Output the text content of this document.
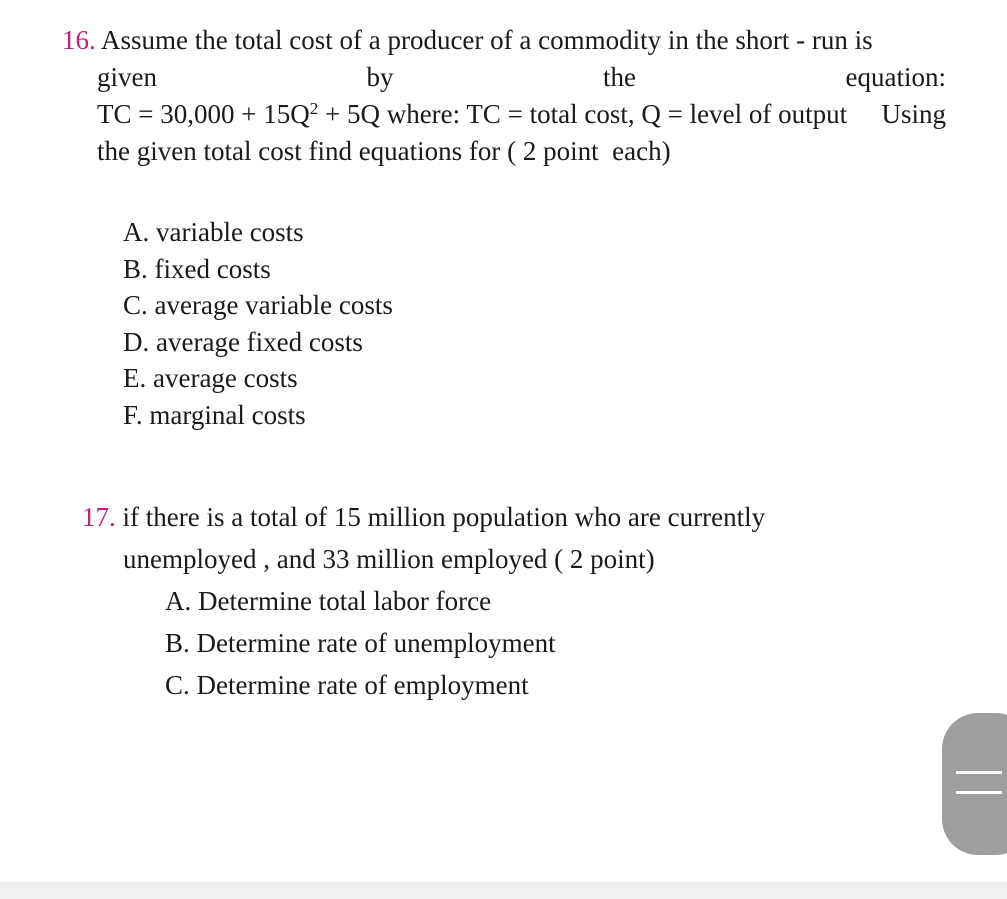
16. Assume the total cost of a producer of a commodity in the short - run is
given	by	the	equation:
TC = $30,000 + 15Q^2 + 5Q$ where: TC = total cost, Q = level of output Using
the given total cost find equations for ( 2 point  each)
A. variable costs
B. fixed costs
C. average variable costs
D. average fixed costs
E. average costs
F. marginal costs
17. if there is a total of 15 million population who are currently
unemployed , and 33 million employed ( 2 point)
A. Determine total labor force
B. Determine rate of unemployment
C. Determine rate of employment
